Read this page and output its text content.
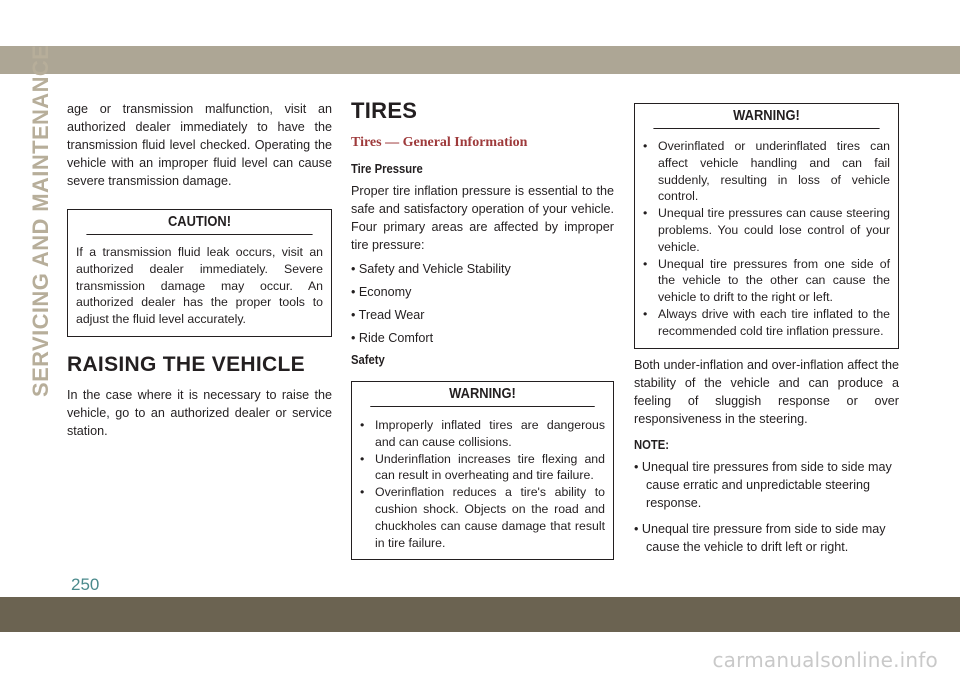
SERVICING AND MAINTENANCE age or transmission malfunction, visit an authorized dealer immediately to have the transmission fluid level checked. Operating the vehicle with an improper fluid level can cause severe transmission damage.

CAUTION!

If a transmission fluid leak occurs, visit an authorized dealer immediately. Severe transmission damage may occur. An authorized dealer has the proper tools to adjust the fluid level accurately.

RAISING THE VEHICLE

In the case where it is necessary to raise the vehicle, go to an authorized dealer or service station.

TIRES
Tires — General Information
Tire Pressure

Proper tire inflation pressure is essential to the safe and satisfactory operation of your vehicle. Four primary areas are affected by improper tire pressure:

• Safety and Vehicle Stability

• Economy

• Tread Wear

• Ride Comfort

Safety
WARNING!
• Improperly inflated tires are dangerous and can cause collisions.
• Underinflation increases tire flexing and can result in overheating and tire failure.
• Overinflation reduces a tire's ability to cushion shock. Objects on the road and chuckholes can cause damage that result in tire failure.
WARNING!
• Overinflated or underinflated tires can affect vehicle handling and can fail suddenly, resulting in loss of vehicle control.
• Unequal tire pressures can cause steering problems. You could lose control of your vehicle.
• Unequal tire pressures from one side of the vehicle to the other can cause the vehicle to drift to the right or left.
• Always drive with each tire inflated to the recommended cold tire inflation pressure.

Both under-inflation and over-inflation affect the stability of the vehicle and can produce a feeling of sluggish response or over responsiveness in the steering.

NOTE:

• Unequal tire pressures from side to side may cause erratic and unpredictable steering response.

• Unequal tire pressure from side to side may cause the vehicle to drift left or right.

250
carmanualsonline.info
